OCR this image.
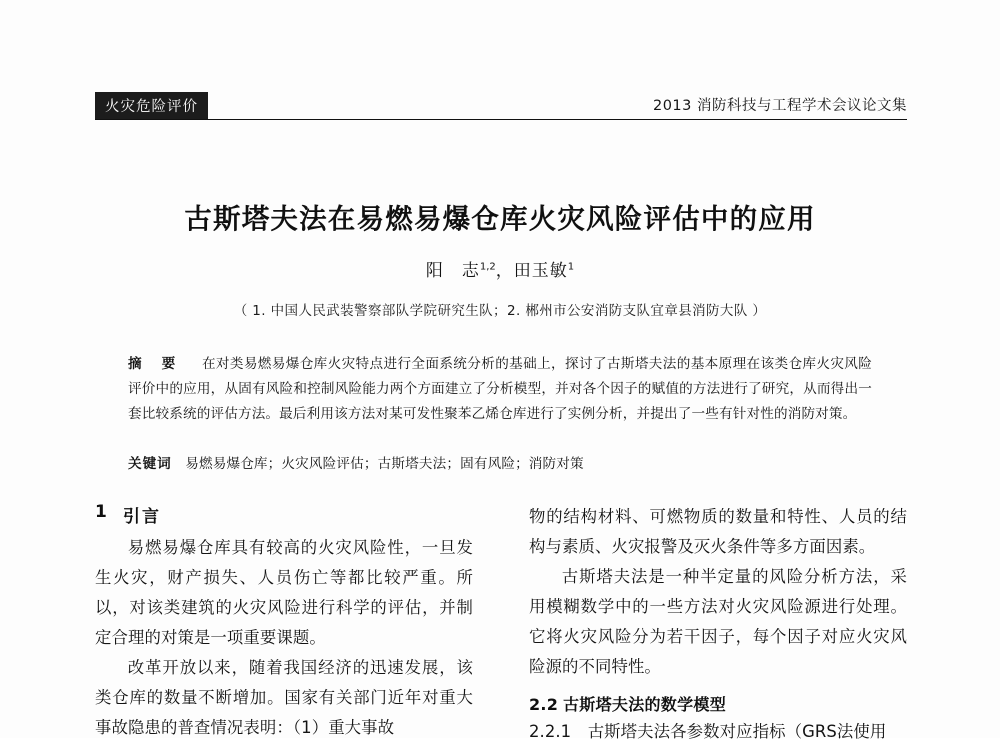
火灾危险评价	2013 消防科技与工程学术会议论文集
古斯塔夫法在易燃易爆仓库火灾风险评估中的应用
阳　志$^{1,2}$，田玉敏$^1$
（ 1. 中国人民武装警察部队学院研究生队；2. 郴州市公安消防支队宜章县消防大队 ）
摘　要 在对类易燃易爆仓库火灾特点进行全面系统分析的基础上，探讨了古斯塔夫法的基本原理在该类仓库火灾风险评价中的应用，从固有风险和控制风险能力两个方面建立了分析模型，并对各个因子的赋值的方法进行了研究，从而得出一套比较系统的评估方法。最后利用该方法对某可发性聚苯乙烯仓库进行了实例分析，并提出了一些有针对性的消防对策。
关键词 易燃易爆仓库；火灾风险评估；古斯塔夫法；固有风险；消防对策
1 引言

易燃易爆仓库具有较高的火灾风险性，一旦发生火灾，财产损失、人员伤亡等都比较严重。所以，对该类建筑的火灾风险进行科学的评估，并制定合理的对策是一项重要课题。

改革开放以来，随着我国经济的迅速发展，该类仓库的数量不断增加。国家有关部门近年对重大事故隐患的普查情况表明：（1）重大事故

物的结构材料、可燃物质的数量和特性、人员的结构与素质、火灾报警及灭火条件等多方面因素。

古斯塔夫法是一种半定量的风险分析方法，采用模糊数学中的一些方法对火灾风险源进行处理。它将火灾风险分为若干因子，每个因子对应火灾风险源的不同特性。

2.2 古斯塔夫法的数学模型

2.2.1　古斯塔夫法各参数对应指标（GRS法使用
